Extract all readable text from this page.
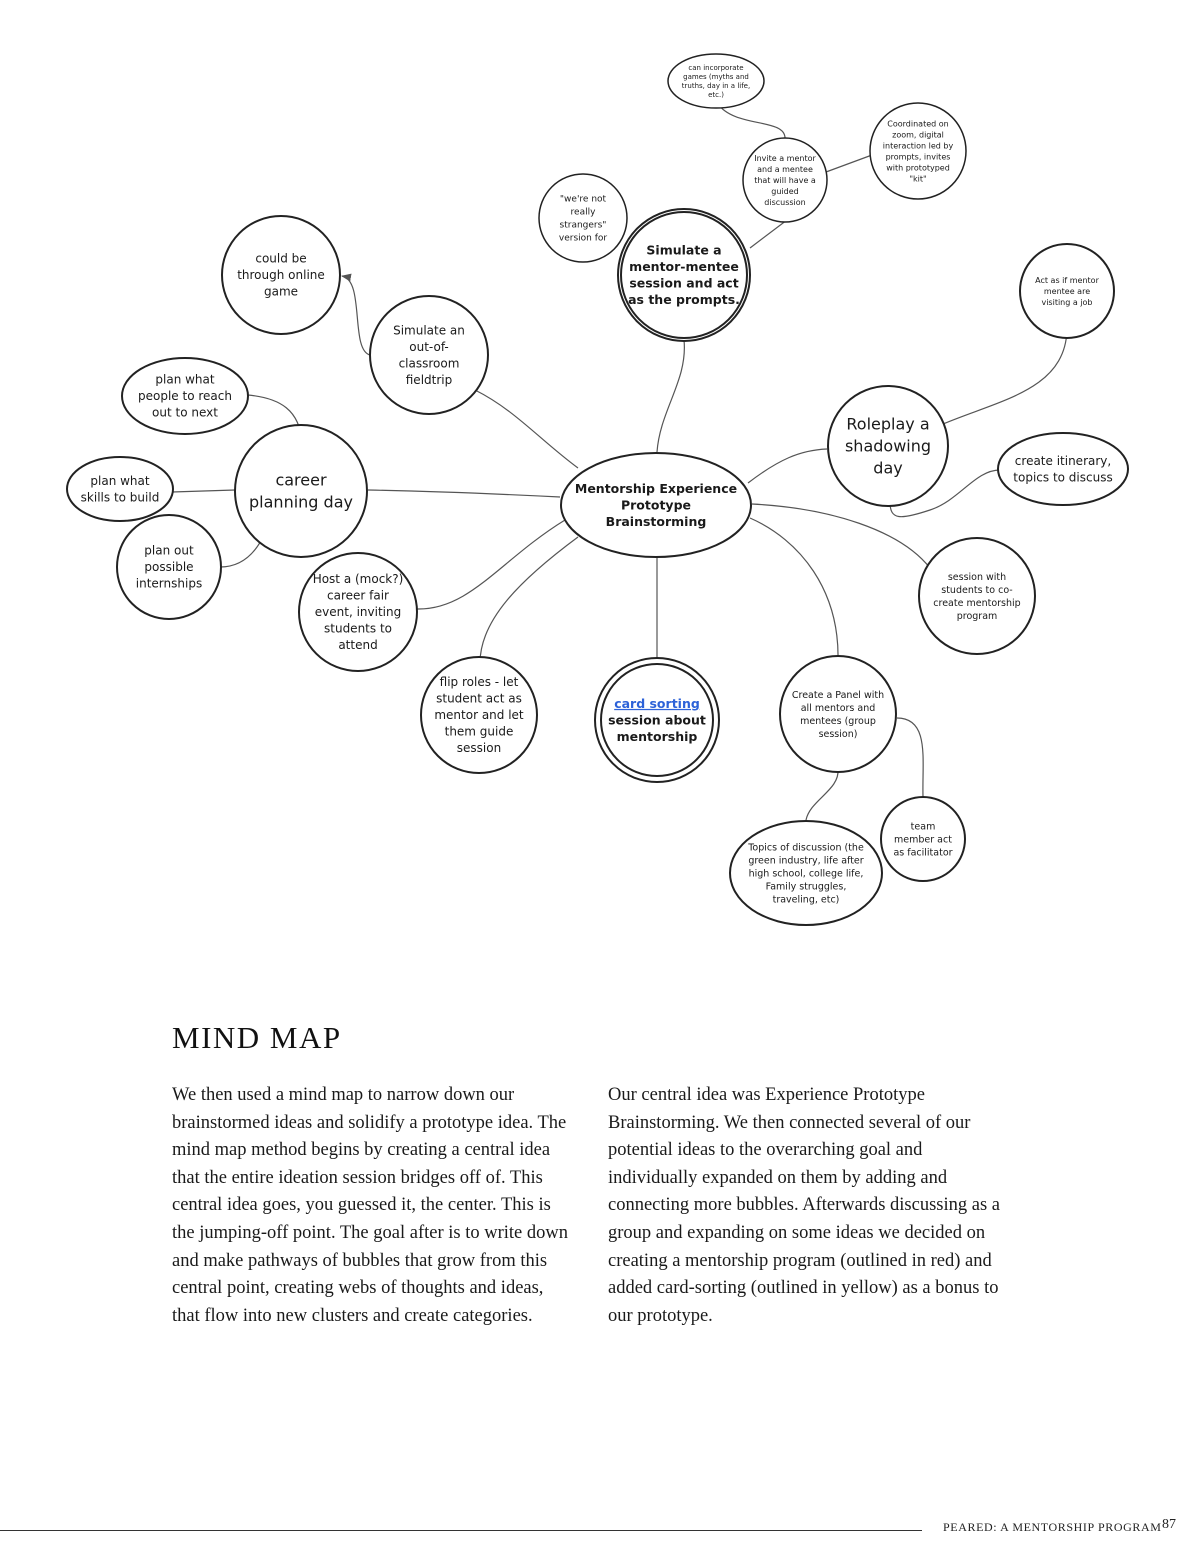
Mentorship Experience Prototype Brainstorming
Simulate a mentor-mentee session and act as the prompts.
can incorporate games (myths and truths, day in a life, etc.)
Invite a mentor and a mentee that will have a guided discussion
Coordinated on zoom, digital interaction led by prompts, invites with prototyped "kit"
"we're not really strangers" version for
could be through online game
Simulate an out-of-classroom fieldtrip
plan what people to reach out to next
career planning day
plan what skills to build
plan out possible internships	Host a (mock?) career fair event, inviting students to attend
flip roles - let student act as mentor and let them guide session
card sorting session about mentorship
Create a Panel with all mentors and mentees (group session)
Topics of discussion (the green industry, life after high school, college life, Family struggles, traveling, etc)
team member act as facilitator
session with students to co-create mentorship program
create itinerary, topics to discuss
Roleplay a shadowing day
Act as if mentor mentee are visiting a job
MIND MAP

We then used a mind map to narrow down our brainstormed ideas and solidify a prototype idea. The mind map method begins by creating a central idea that the entire ideation session bridges off of. This central idea goes, you guessed it, the center. This is the jumping-off point. The goal after is to write down and make pathways of bubbles that grow from this central point, creating webs of thoughts and ideas, that flow into new clusters and create categories.

Our central idea was Experience Prototype Brainstorming. We then connected several of our potential ideas to the overarching goal and individually expanded on them by adding and connecting more bubbles. Afterwards discussing as a group and expanding on some ideas we decided on creating a mentorship program (outlined in red) and added card-sorting (outlined in yellow) as a bonus to our prototype.

PEARED: A MENTORSHIP PROGRAM 87
